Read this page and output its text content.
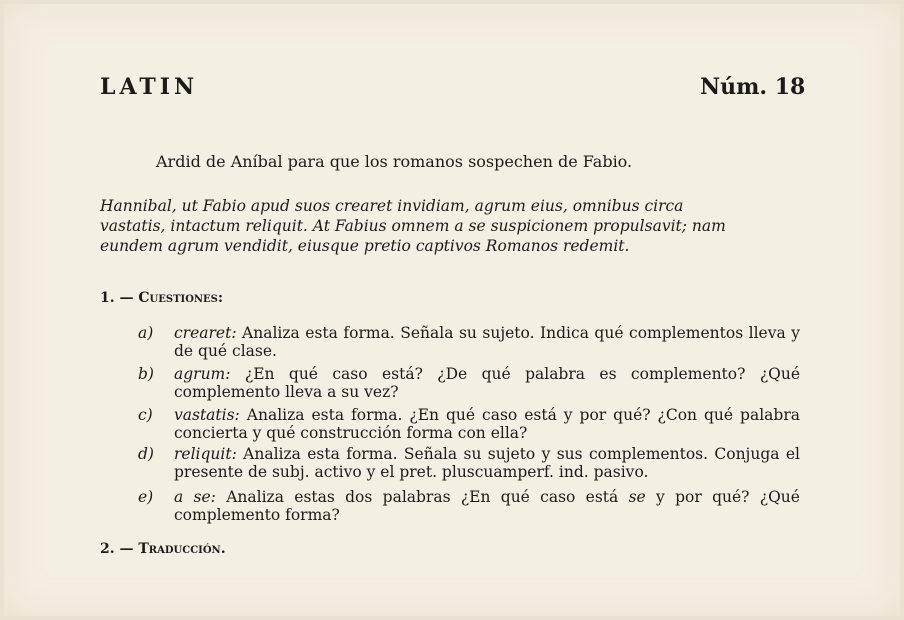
LATIN	Núm. 18
Ardid de Aníbal para que los romanos sospechen de Fabio.
Hannibal, ut Fabio apud suos crearet invidiam, agrum eius, omnibus circa
vastatis, intactum reliquit. At Fabius omnem a se suspicionem propulsavit; nam
eundem agrum vendidit, eiusque pretio captivos Romanos redemit.
1. — Cuestiones:
a)	crearet: Analiza esta forma. Señala su sujeto. Indica qué complementos lleva y de qué clase.
b)	agrum: ¿En qué caso está? ¿De qué palabra es complemento? ¿Qué complemento lleva a su vez?
c)	vastatis: Analiza esta forma. ¿En qué caso está y por qué? ¿Con qué palabra concierta y qué construcción forma con ella?
d)	reliquit: Analiza esta forma. Señala su sujeto y sus complementos. Conjuga el presente de subj. activo y el pret. pluscuamperf. ind. pasivo.
e)	a se: Analiza estas dos palabras ¿En qué caso está se y por qué? ¿Qué complemento forma?
2. — Traducción.
